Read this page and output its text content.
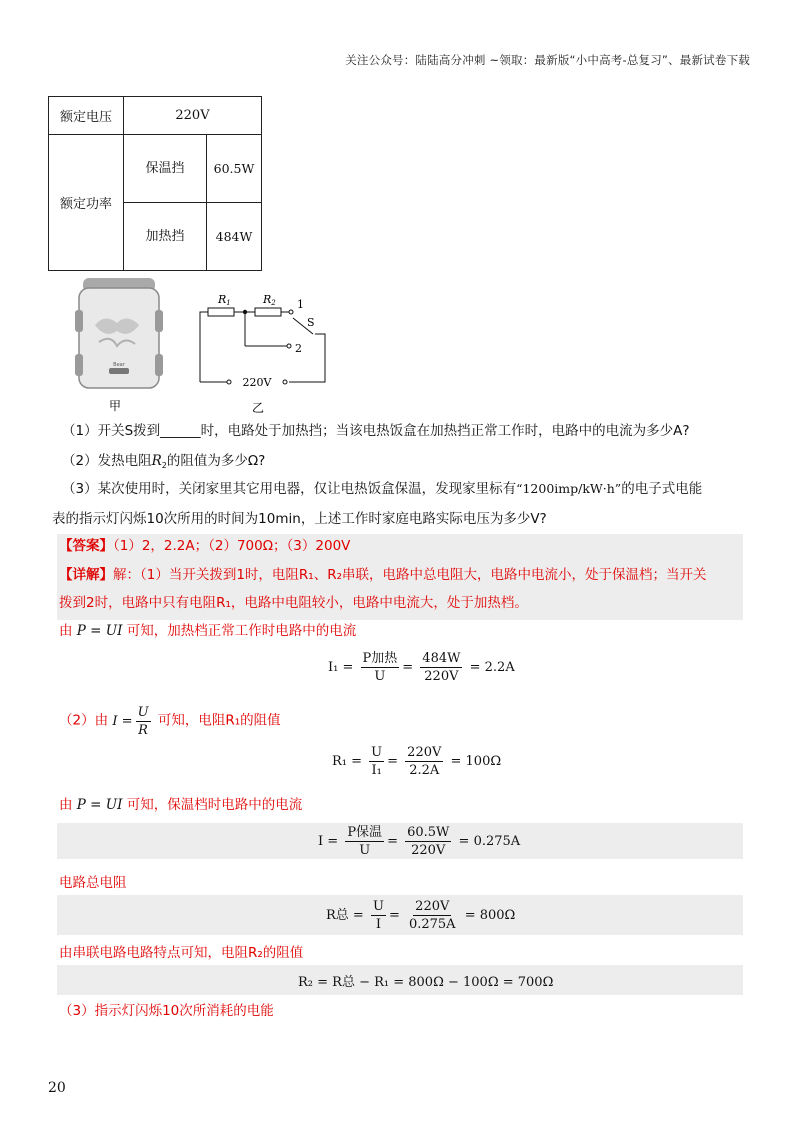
关注公众号：陆陆高分冲刺 ~领取：最新版“小中高考-总复习”、最新试卷下载
额定电压	220V	
额定功率	保温挡	60.5W
	加热挡	484W
Bear
甲
R1	R2 1
S
2
220V
乙
（1）开关S拨到______时，电路处于加热挡；当该电热饭盒在加热挡正常工作时，电路中的电流为多少A?
（2）发热电阻$R_2$的阻值为多少Ω?
（3）某次使用时，关闭家里其它用电器，仅让电热饭盒保温，发现家里标有“1200imp/kW·h”的电子式电能
表的指示灯闪烁10次所用的时间为10min，上述工作时家庭电路实际电压为多少V?
【答案】（1）2，2.2A；（2）700Ω；（3）200V
【详解】解：（1）当开关拨到1时，电阻R₁、R₂串联，电路中总电阻大，电路中电流小，处于保温档；当开关
拨到2时，电路中只有电阻R₁，电路中电阻较小，电路中电流大，处于加热档。
由 P = UI 可知，加热档正常工作时电路中的电流
$I_1 = \frac{\text{P加热}}{U} = \frac{484W}{220V} = 2.2A$
（2）由 $I = \frac{U}{R}$ 可知，电阻R₁的阻值
$R_1 = \frac{U}{\text{I₁}} = \frac{220V}{2.2A} = 100\Omega$
由 P = UI 可知，保温档时电路中的电流
$I = \frac{\text{P保温}}{U} = \frac{60.5W}{220V} = 0.275A$
电路总电阻
R总 = $\frac{U}{I} = \frac{220V}{0.275A} = 800\Omega$
由串联电路电路特点可知，电阻R₂的阻值
R₂ = R总 − R₁ = 800Ω − 100Ω = 700Ω
（3）指示灯闪烁10次所消耗的电能
20
